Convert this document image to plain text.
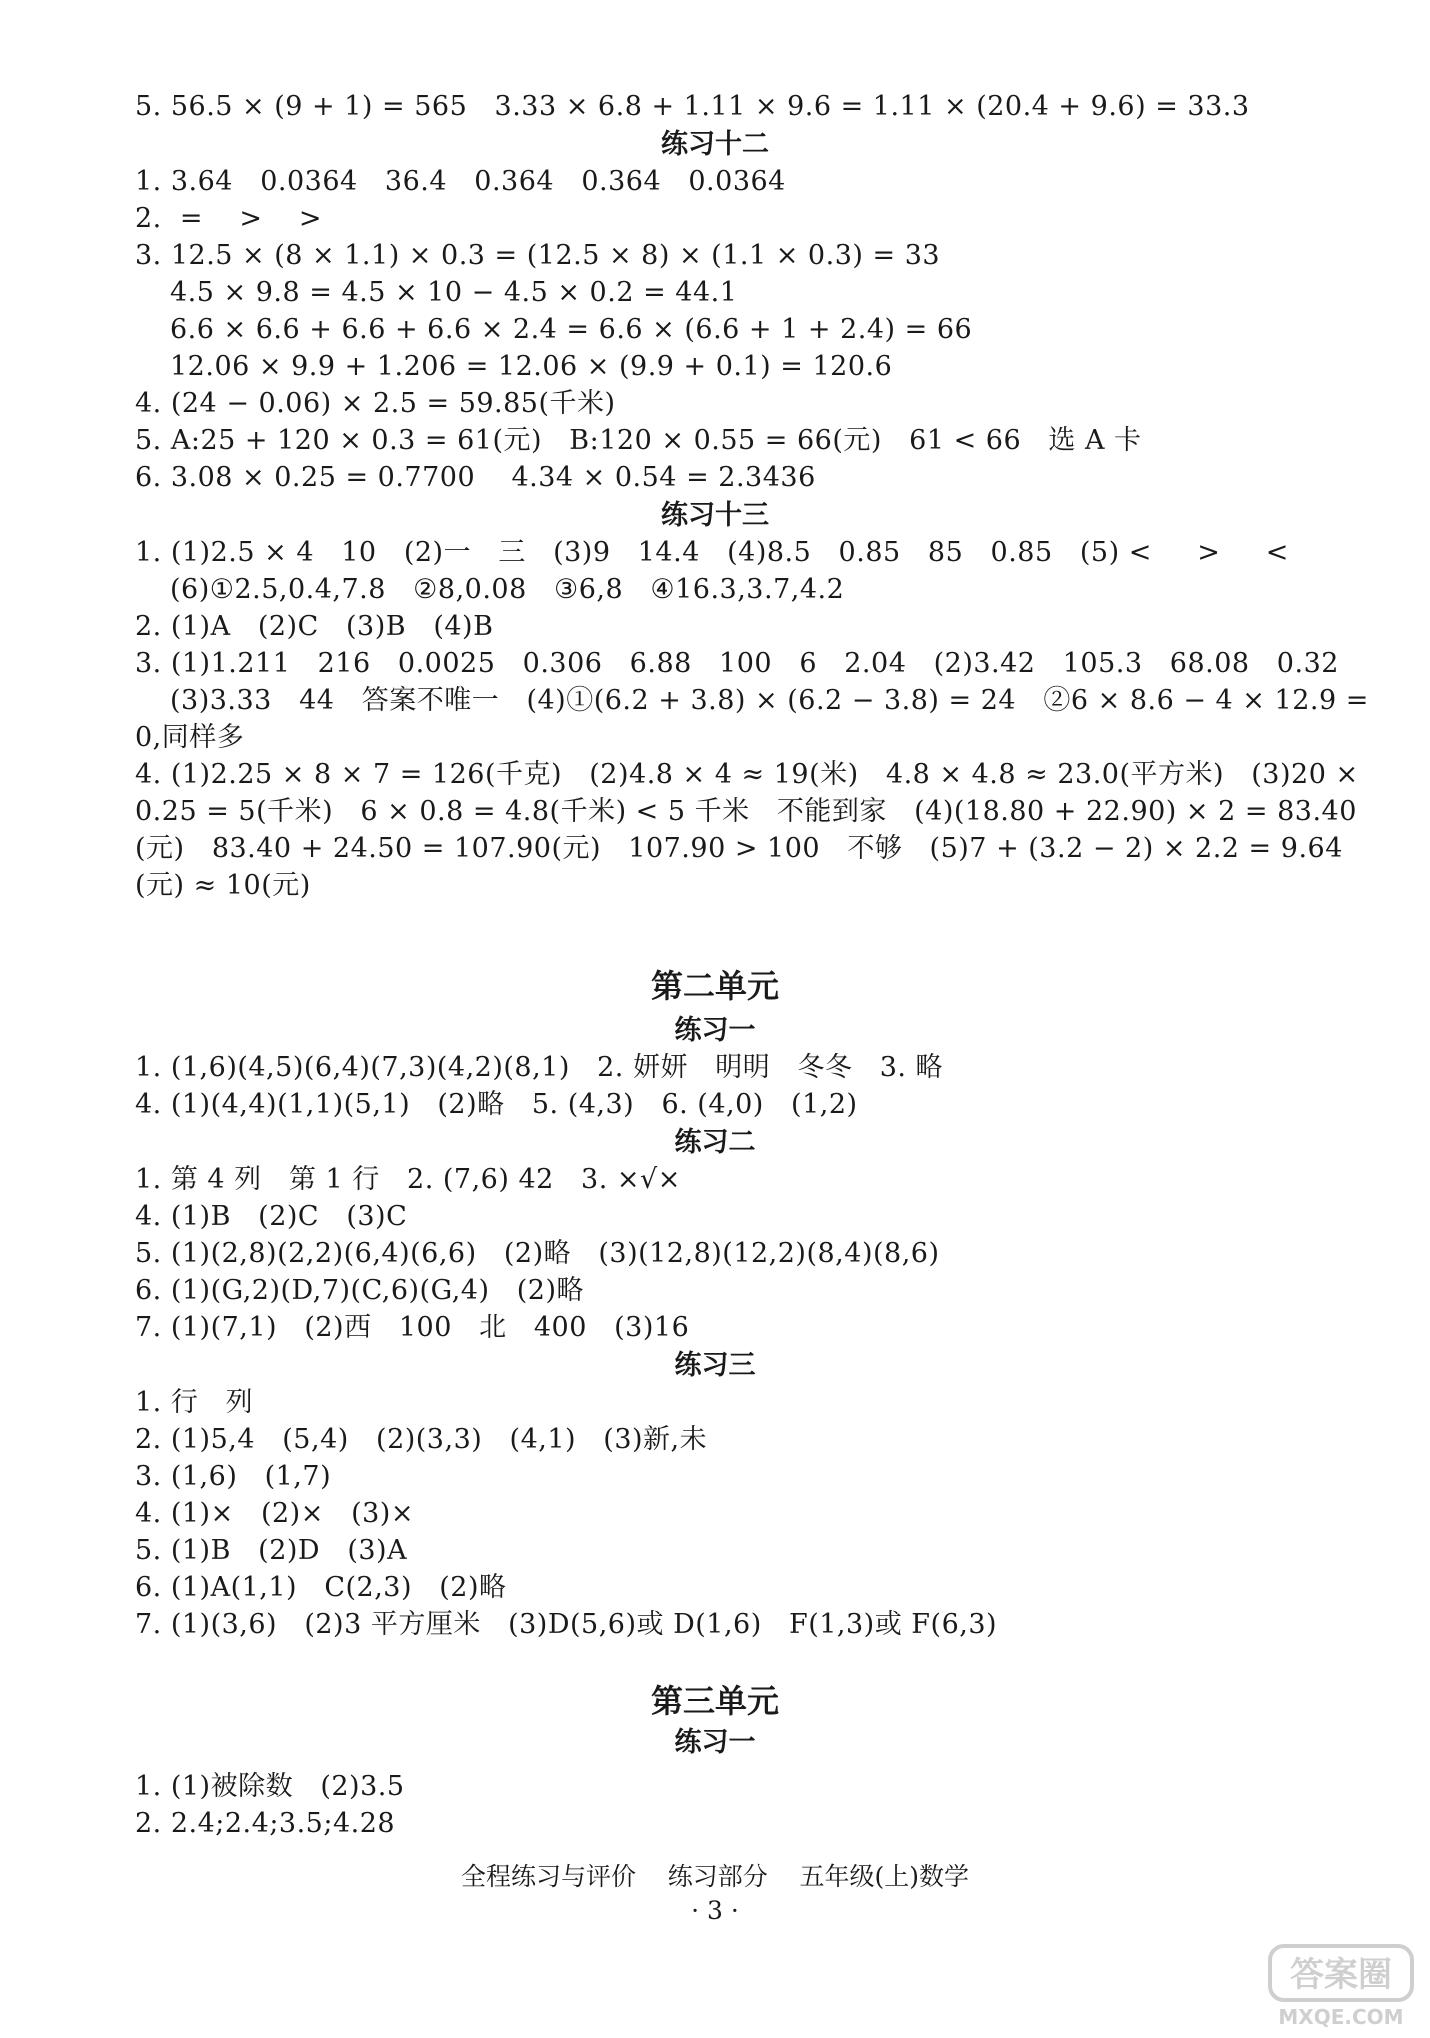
5. 56.5 × (9 + 1) = 565   3.33 × 6.8 + 1.11 × 9.6 = 1.11 × (20.4 + 9.6) = 33.3
练习十二
1. 3.64   0.0364   36.4   0.364   0.364   0.0364
2.  =    >    >
3. 12.5 × (8 × 1.1) × 0.3 = (12.5 × 8) × (1.1 × 0.3) = 33
4.5 × 9.8 = 4.5 × 10 − 4.5 × 0.2 = 44.1
6.6 × 6.6 + 6.6 + 6.6 × 2.4 = 6.6 × (6.6 + 1 + 2.4) = 66
12.06 × 9.9 + 1.206 = 12.06 × (9.9 + 0.1) = 120.6
4. (24 − 0.06) × 2.5 = 59.85(千米)
5. A:25 + 120 × 0.3 = 61(元)   B:120 × 0.55 = 66(元)   61 < 66   选 A 卡
6. 3.08 × 0.25 = 0.7700    4.34 × 0.54 = 2.3436
练习十三
1. (1)2.5 × 4   10   (2)一   三   (3)9   14.4   (4)8.5   0.85   85   0.85   (5) <     >     <
(6)①2.5,0.4,7.8   ②8,0.08   ③6,8   ④16.3,3.7,4.2
2. (1)A   (2)C   (3)B   (4)B
3. (1)1.211   216   0.0025   0.306   6.88   100   6   2.04   (2)3.42   105.3   68.08   0.32
(3)3.33   44   答案不唯一   (4)①(6.2 + 3.8) × (6.2 − 3.8) = 24   ②6 × 8.6 − 4 × 12.9 =
0,同样多
4. (1)2.25 × 8 × 7 = 126(千克)   (2)4.8 × 4 ≈ 19(米)   4.8 × 4.8 ≈ 23.0(平方米)   (3)20 ×
0.25 = 5(千米)   6 × 0.8 = 4.8(千米) < 5 千米   不能到家   (4)(18.80 + 22.90) × 2 = 83.40
(元)   83.40 + 24.50 = 107.90(元)   107.90 > 100   不够   (5)7 + (3.2 − 2) × 2.2 = 9.64
(元) ≈ 10(元)
第二单元
练习一
1. (1,6)(4,5)(6,4)(7,3)(4,2)(8,1)   2. 妍妍   明明   冬冬   3. 略
4. (1)(4,4)(1,1)(5,1)   (2)略   5. (4,3)   6. (4,0)   (1,2)
练习二
1. 第 4 列   第 1 行   2. (7,6) 42   3. ×√×
4. (1)B   (2)C   (3)C
5. (1)(2,8)(2,2)(6,4)(6,6)   (2)略   (3)(12,8)(12,2)(8,4)(8,6)
6. (1)(G,2)(D,7)(C,6)(G,4)   (2)略
7. (1)(7,1)   (2)西   100   北   400   (3)16
练习三
1. 行   列
2. (1)5,4   (5,4)   (2)(3,3)   (4,1)   (3)新,未
3. (1,6)   (1,7)
4. (1)×   (2)×   (3)×
5. (1)B   (2)D   (3)A
6. (1)A(1,1)   C(2,3)   (2)略
7. (1)(3,6)   (2)3 平方厘米   (3)D(5,6)或 D(1,6)   F(1,3)或 F(6,3)
第三单元
练习一
1. (1)被除数   (2)3.5
2. 2.4;2.4;3.5;4.28
全程练习与评价    练习部分    五年级(上)数学
· 3 ·
答案圈
MXQE.COM
